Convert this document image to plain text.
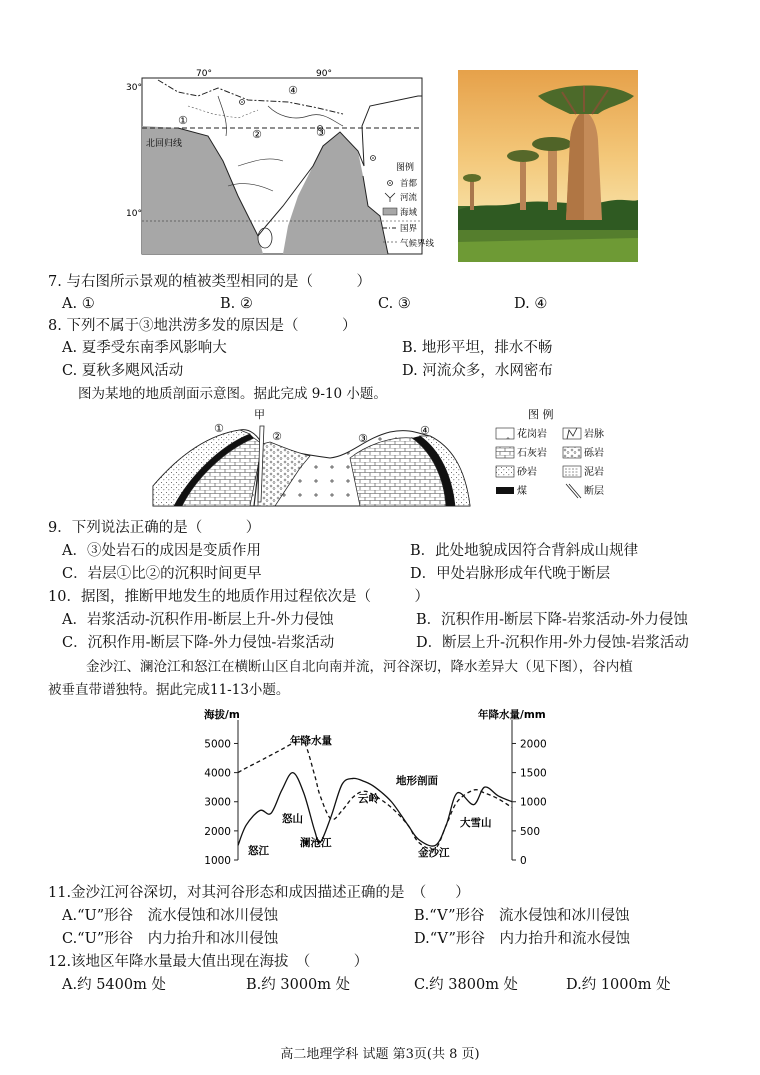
30°
10°
70°	90°
①
②	③
④
北回归线
图例
首都
河流
海域
国界
气候界线
7. 与右图所示景观的植被类型相同的是（　　　）
A. ①	B. ②	C. ③	D. ④
8. 下列不属于③地洪涝多发的原因是（　　　）
A. 夏季受东南季风影响大	B. 地形平坦，排水不畅
C. 夏秋多飓风活动	D. 河流众多，水网密布
图为某地的地质剖面示意图。据此完成 9-10 小题。
甲
①
②	③
④
图 例
花岗岩	岩脉
石灰岩	砾岩
砂岩	泥岩
煤	断层
9．下列说法正确的是（　　　）
A．③处岩石的成因是变质作用	B．此处地貌成因符合背斜成山规律
C．岩层①比②的沉积时间更早	D．甲处岩脉形成年代晚于断层
10．据图，推断甲地发生的地质作用过程依次是（　　　）
A．岩浆活动-沉积作用-断层上升-外力侵蚀	B．沉积作用-断层下降-岩浆活动-外力侵蚀
C．沉积作用-断层下降-外力侵蚀-岩浆活动	D．断层上升-沉积作用-外力侵蚀-岩浆活动
金沙江、澜沧江和怒江在横断山区自北向南并流，河谷深切，降水差异大（见下图），谷内植
被垂直带谱独特。据此完成11-13小题。
海拔/m	年降水量/mm
1000
2000
3000
4000
5000
0
500
1000
1500
2000
怒江
怒山
澜沧江
云岭
地形剖面
年降水量
金沙江
大雪山
11.金沙江河谷深切，对其河谷形态和成因描述正确的是　（　　）
A.“U”形谷　流水侵蚀和冰川侵蚀	B.“V”形谷　流水侵蚀和冰川侵蚀
C.“U”形谷　内力抬升和冰川侵蚀	D.“V”形谷　内力抬升和流水侵蚀
12.该地区年降水量最大值出现在海拔　（　　　）
A.约 5400m 处	B.约 3000m 处	C.约 3800m 处	D.约 1000m 处
高二地理学科 试题 第3页(共 8 页)
